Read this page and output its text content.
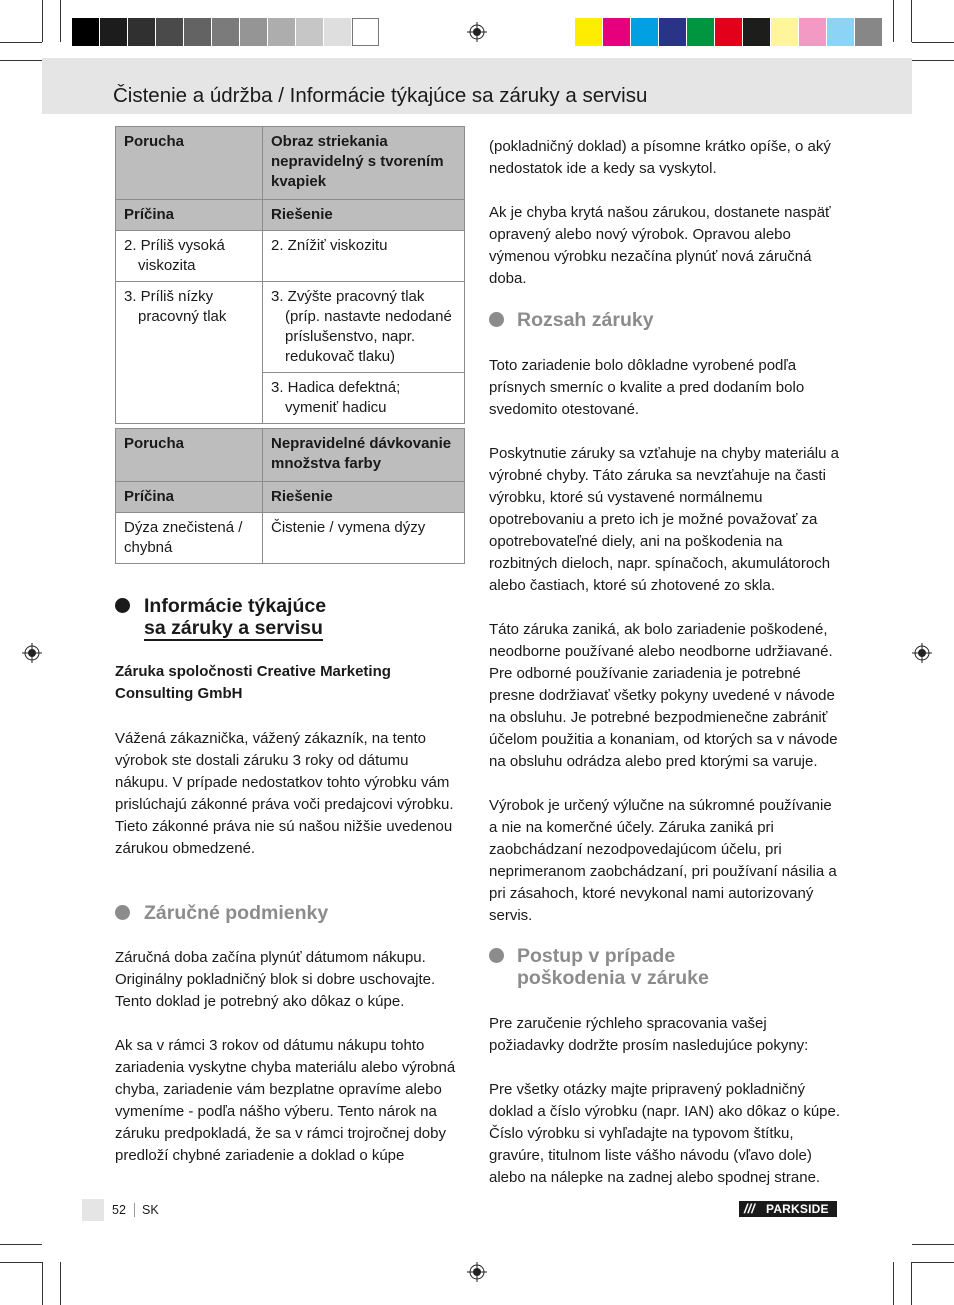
Čistenie a údržba / Informácie týkajúce sa záruky a servisu
Porucha	Obraz striekania nepravidelný s tvorením kvapiek
Príčina	Riešenie

2. Príliš vysoká viskozita	2. Znížiť viskozitu

3. Príliš nízky pracovný tlak	3. Zvýšte pracovný tlak (príp. nastavte nedodané príslušenstvo, napr. redukovač tlaku)

	3. Hadica defektná; vymeniť hadicu
Porucha	Nepravidelné dávkovanie množstva farby
Príčina	Riešenie
Dýza znečistená / chybná	Čistenie / vymena dýzy
Informácie týkajúce
sa záruky a servisu
Záruka spoločnosti Creative Marketing Consulting GmbH
Vážená zákaznička, vážený zákazník, na tento výrobok ste dostali záruku 3 roky od dátumu nákupu. V prípade nedostatkov tohto výrobku vám prislúchajú zákonné práva voči predajcovi výrobku. Tieto zákonné práva nie sú našou nižšie uvedenou zárukou obmedzené.
Záručné podmienky

Záručná doba začína plynúť dátumom nákupu. Originálny pokladničný blok si dobre uschovajte. Tento doklad je potrebný ako dôkaz o kúpe.

Ak sa v rámci 3 rokov od dátumu nákupu tohto zariadenia vyskytne chyba materiálu alebo výrobná chyba, zariadenie vám bezplatne opravíme alebo vymeníme - podľa nášho výberu. Tento nárok na záruku predpokladá, že sa v rámci trojročnej doby predloží chybné zariadenie a doklad o kúpe

(pokladničný doklad) a písomne krátko opíše, o aký nedostatok ide a kedy sa vyskytol.

Ak je chyba krytá našou zárukou, dostanete naspäť opravený alebo nový výrobok. Opravou alebo výmenou výrobku nezačína plynúť nová záručná doba.

Rozsah záruky

Toto zariadenie bolo dôkladne vyrobené podľa prísnych smerníc o kvalite a pred dodaním bolo svedomito otestované.

Poskytnutie záruky sa vzťahuje na chyby materiálu a výrobné chyby. Táto záruka sa nevzťahuje na časti výrobku, ktoré sú vystavené normálnemu opotrebovaniu a preto ich je možné považovať za opotrebovateľné diely, ani na poškodenia na rozbitných dieloch, napr. spínačoch, akumulátoroch alebo častiach, ktoré sú zhotovené zo skla.

Táto záruka zaniká, ak bolo zariadenie poškodené, neodborne používané alebo neodborne udržiavané. Pre odborné používanie zariadenia je potrebné presne dodržiavať všetky pokyny uvedené v návode na obsluhu. Je potrebné bezpodmienečne zabrániť účelom použitia a konaniam, od ktorých sa v návode na obsluhu odrádza alebo pred ktorými sa varuje.

Výrobok je určený výlučne na súkromné používanie a nie na komerčné účely. Záruka zaniká pri zaobchádzaní nezodpovedajúcom účelu, pri neprimeranom zaobchádzaní, pri používaní násilia a pri zásahoch, ktoré nevykonal nami autorizovaný servis.

Postup v prípade
poškodenia v záruke

Pre zaručenie rýchleho spracovania vašej požiadavky dodržte prosím nasledujúce pokyny:

Pre všetky otázky majte pripravený pokladničný doklad a číslo výrobku (napr. IAN) ako dôkaz o kúpe. Číslo výrobku si vyhľadajte na typovom štítku, gravúre, titulnom liste vášho návodu (vľavo dole) alebo na nálepke na zadnej alebo spodnej strane.

52 SK	/// PARKSIDE
